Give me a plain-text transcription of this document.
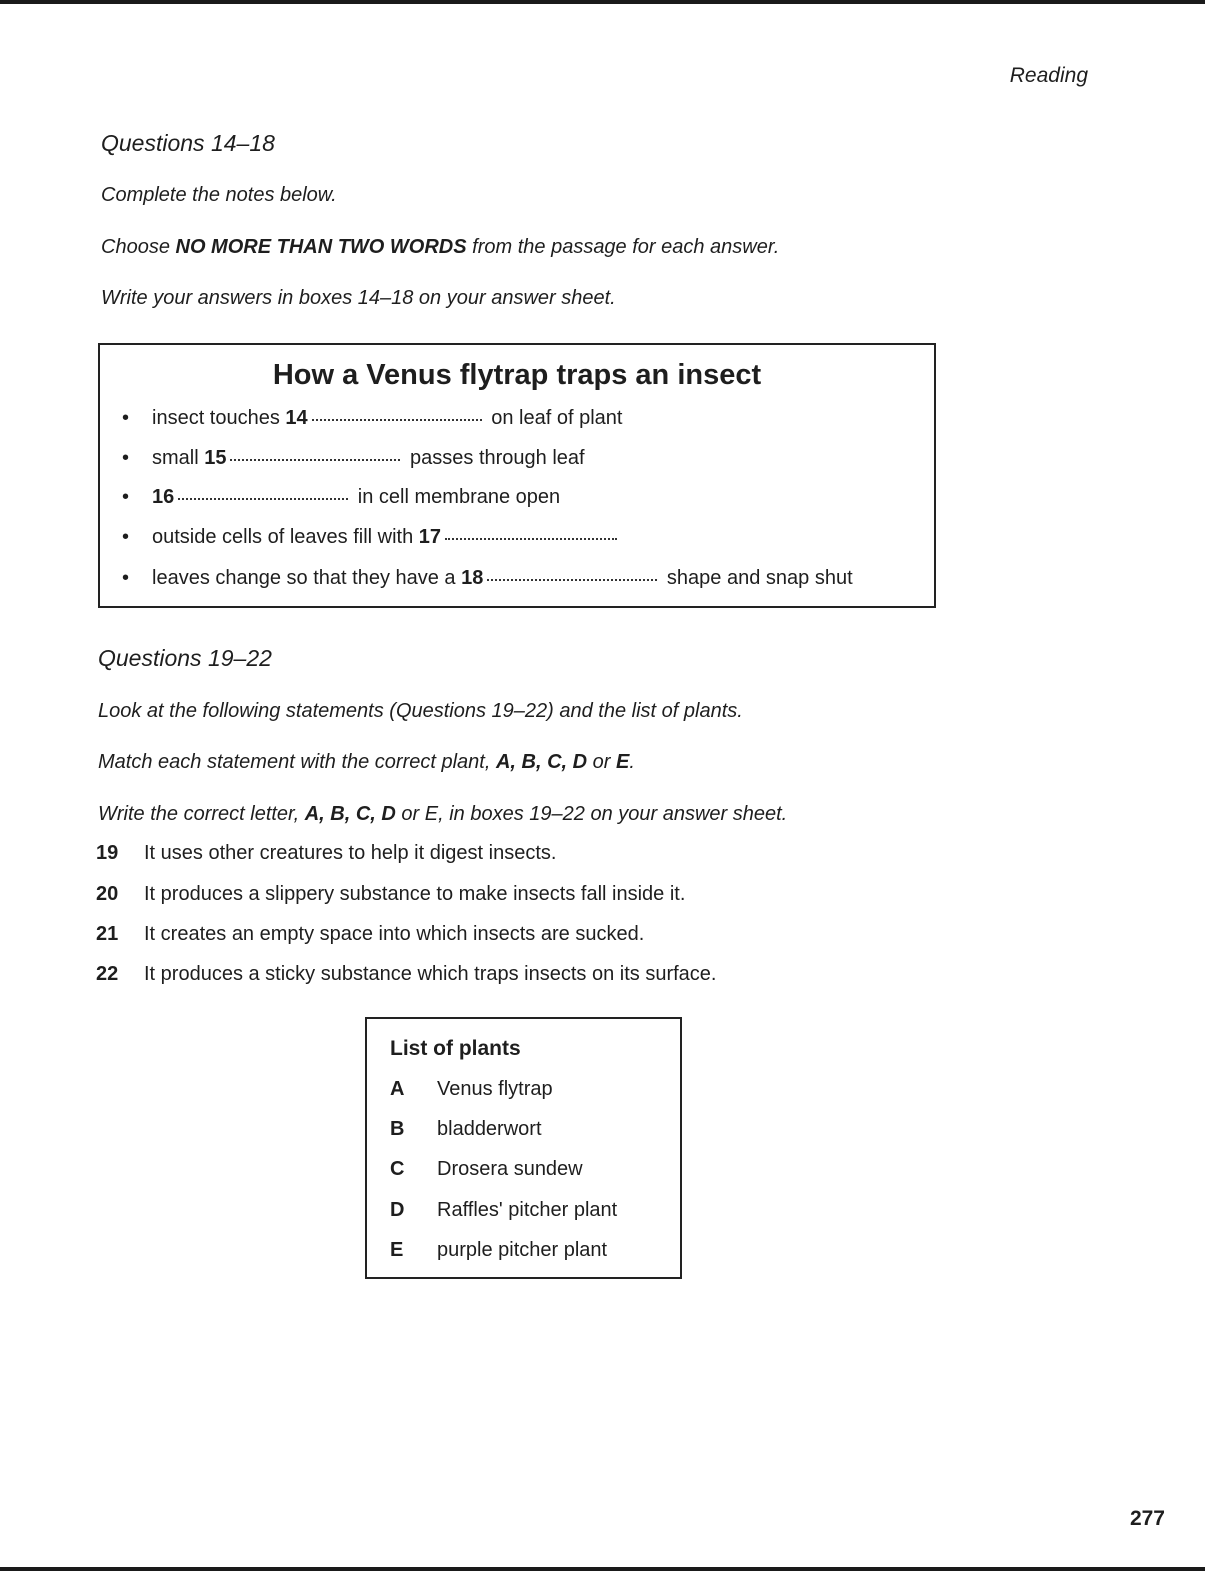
Reading
Questions 14–18
Complete the notes below.
Choose NO MORE THAN TWO WORDS from the passage for each answer.
Write your answers in boxes 14–18 on your answer sheet.
How a Venus flytrap traps an insect
• insect touches 14	on leaf of plant
• small 15	passes through leaf
• 16	in cell membrane open
• outside cells of leaves fill with 17
• leaves change so that they have a 18	shape and snap shut
Questions 19–22
Look at the following statements (Questions 19–22) and the list of plants.
Match each statement with the correct plant, A, B, C, D or E.
Write the correct letter, A, B, C, D or E, in boxes 19–22 on your answer sheet.
19 It uses other creatures to help it digest insects.
20 It produces a slippery substance to make insects fall inside it.
21 It creates an empty space into which insects are sucked.
22 It produces a sticky substance which traps insects on its surface.
List of plants
A Venus flytrap
B bladderwort
C Drosera sundew
D Raffles' pitcher plant
E purple pitcher plant
277
